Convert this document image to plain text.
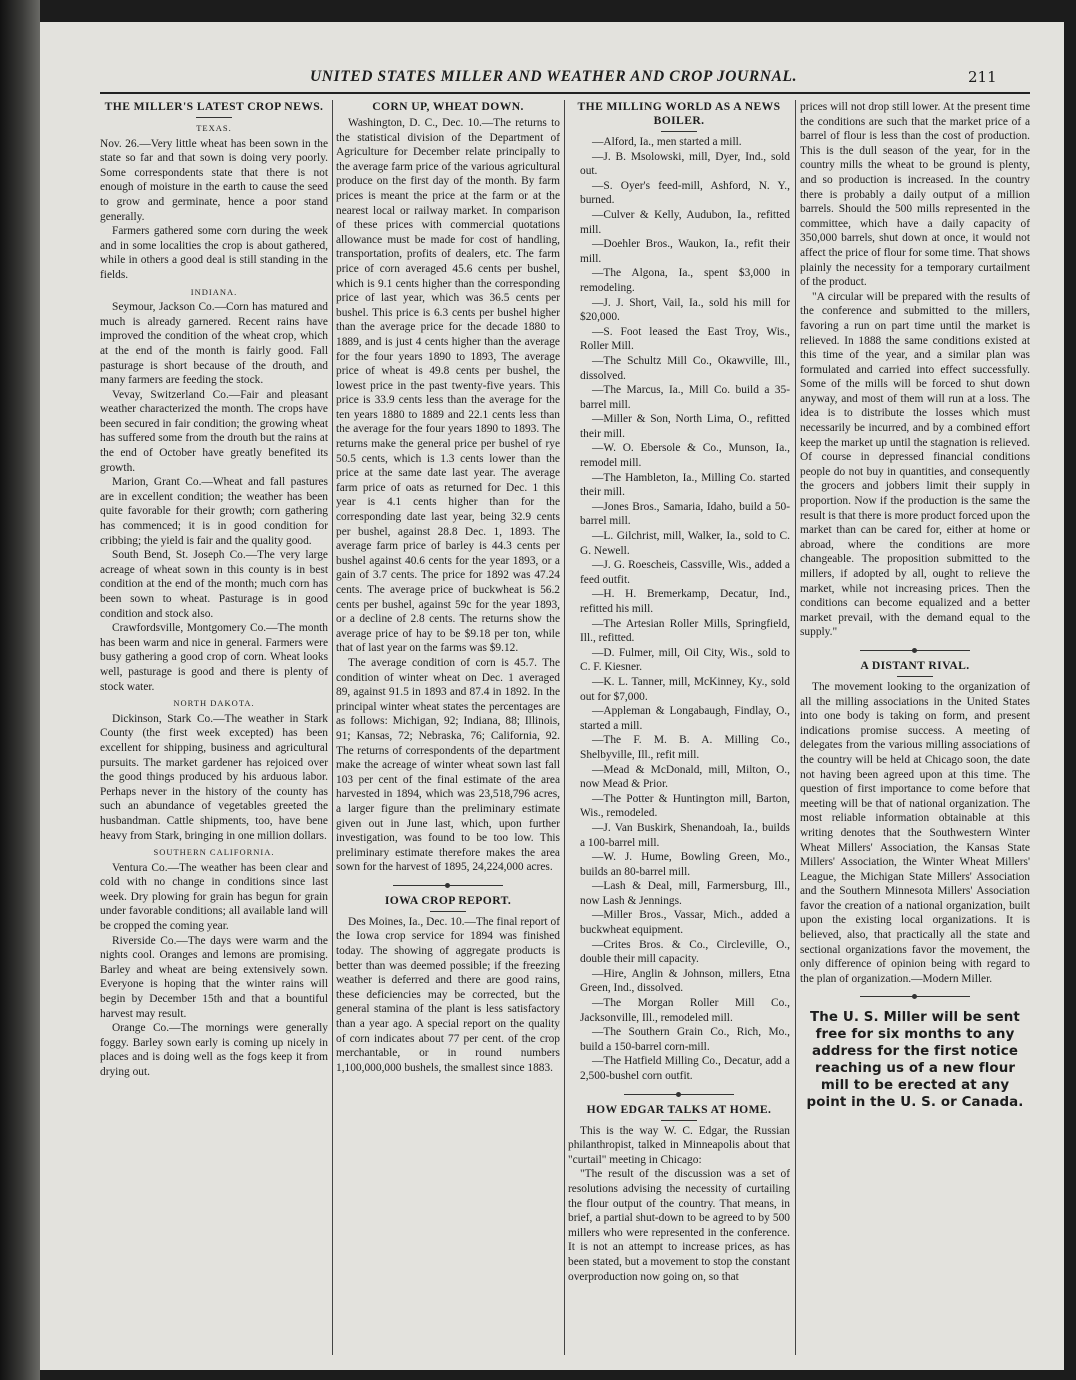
UNITED STATES MILLER AND WEATHER AND CROP JOURNAL.	211
THE MILLER'S LATEST CROP NEWS.
TEXAS.

Nov. 26.—Very little wheat has been sown in the state so far and that sown is doing very poorly. Some correspondents state that there is not enough of moisture in the earth to cause the seed to grow and germinate, hence a poor stand generally.

Farmers gathered some corn during the week and in some localities the crop is about gathered, while in others a good deal is still standing in the fields.

INDIANA.

Seymour, Jackson Co.—Corn has matured and much is already garnered. Recent rains have improved the condition of the wheat crop, which at the end of the month is fairly good. Fall pasturage is short because of the drouth, and many farmers are feeding the stock.

Vevay, Switzerland Co.—Fair and pleasant weather characterized the month. The crops have been secured in fair condition; the growing wheat has suffered some from the drouth but the rains at the end of October have greatly benefited its growth.

Marion, Grant Co.—Wheat and fall pastures are in excellent condition; the weather has been quite favorable for their growth; corn gathering has commenced; it is in good condition for cribbing; the yield is fair and the quality good.

South Bend, St. Joseph Co.—The very large acreage of wheat sown in this county is in best condition at the end of the month; much corn has been sown to wheat. Pasturage is in good condition and stock also.

Crawfordsville, Montgomery Co.—The month has been warm and nice in general. Farmers were busy gathering a good crop of corn. Wheat looks well, pasturage is good and there is plenty of stock water.

NORTH DAKOTA.

Dickinson, Stark Co.—The weather in Stark County (the first week excepted) has been excellent for shipping, business and agricultural pursuits. The market gardener has rejoiced over the good things produced by his arduous labor. Perhaps never in the history of the county has such an abundance of vegetables greeted the husbandman. Cattle shipments, too, have bene heavy from Stark, bringing in one million dollars.

SOUTHERN CALIFORNIA.

Ventura Co.—The weather has been clear and cold with no change in conditions since last week. Dry plowing for grain has begun for grain under favorable conditions; all available land will be cropped the coming year.

Riverside Co.—The days were warm and the nights cool. Oranges and lemons are promising. Barley and wheat are being extensively sown. Everyone is hoping that the winter rains will begin by December 15th and that a bountiful harvest may result.

Orange Co.—The mornings were generally foggy. Barley sown early is coming up nicely in places and is doing well as the fogs keep it from drying out.

CORN UP, WHEAT DOWN.

Washington, D. C., Dec. 10.—The returns to the statistical division of the Department of Agriculture for December relate principally to the average farm price of the various agricultural produce on the first day of the month. By farm prices is meant the price at the farm or at the nearest local or railway market. In comparison of these prices with commercial quotations allowance must be made for cost of handling, transportation, profits of dealers, etc. The farm price of corn averaged 45.6 cents per bushel, which is 9.1 cents higher than the corresponding price of last year, which was 36.5 cents per bushel. This price is 6.3 cents per bushel higher than the average price for the decade 1880 to 1889, and is just 4 cents higher than the average for the four years 1890 to 1893, The average price of wheat is 49.8 cents per bushel, the lowest price in the past twenty-five years. This price is 33.9 cents less than the average for the ten years 1880 to 1889 and 22.1 cents less than the average for the four years 1890 to 1893. The returns make the general price per bushel of rye 50.5 cents, which is 1.3 cents lower than the price at the same date last year. The average farm price of oats as returned for Dec. 1 this year is 4.1 cents higher than for the corresponding date last year, being 32.9 cents per bushel, against 28.8 Dec. 1, 1893. The average farm price of barley is 44.3 cents per bushel against 40.6 cents for the year 1893, or a gain of 3.7 cents. The price for 1892 was 47.24 cents. The average price of buckwheat is 56.2 cents per bushel, against 59c for the year 1893, or a decline of 2.8 cents. The returns show the average price of hay to be $9.18 per ton, while that of last year on the farms was $9.12.

The average condition of corn is 45.7. The condition of winter wheat on Dec. 1 averaged 89, against 91.5 in 1893 and 87.4 in 1892. In the principal winter wheat states the percentages are as follows: Michigan, 92; Indiana, 88; Illinois, 91; Kansas, 72; Nebraska, 76; California, 92. The returns of correspondents of the department make the acreage of winter wheat sown last fall 103 per cent of the final estimate of the area harvested in 1894, which was 23,518,796 acres, a larger figure than the preliminary estimate given out in June last, which, upon further investigation, was found to be too low. This preliminary estimate therefore makes the area sown for the harvest of 1895, 24,224,000 acres.

IOWA CROP REPORT.

Des Moines, Ia., Dec. 10.—The final report of the Iowa crop service for 1894 was finished today. The showing of aggregate products is better than was deemed possible; if the freezing weather is deferred and there are good rains, these deficiencies may be corrected, but the general stamina of the plant is less satisfactory than a year ago. A special report on the quality of corn indicates about 77 per cent. of the crop merchantable, or in round numbers 1,100,000,000 bushels, the smallest since 1883.

THE MILLING WORLD AS A NEWS BOILER.

—Alford, Ia., men started a mill.

—J. B. Msolowski, mill, Dyer, Ind., sold out.

—S. Oyer's feed-mill, Ashford, N. Y., burned.

—Culver & Kelly, Audubon, Ia., refitted mill.

—Doehler Bros., Waukon, Ia., refit their mill.

—The Algona, Ia., spent $3,000 in remodeling.

—J. J. Short, Vail, Ia., sold his mill for $20,000.

—S. Foot leased the East Troy, Wis., Roller Mill.

—The Schultz Mill Co., Okawville, Ill., dissolved.

—The Marcus, Ia., Mill Co. build a 35-barrel mill.

—Miller & Son, North Lima, O., refitted their mill.

—W. O. Ebersole & Co., Munson, Ia., remodel mill.

—The Hambleton, Ia., Milling Co. started their mill.

—Jones Bros., Samaria, Idaho, build a 50-barrel mill.

—L. Gilchrist, mill, Walker, Ia., sold to C. G. Newell.

—J. G. Roescheis, Cassville, Wis., added a feed outfit.

—H. H. Bremerkamp, Decatur, Ind., refitted his mill.

—The Artesian Roller Mills, Springfield, Ill., refitted.

—D. Fulmer, mill, Oil City, Wis., sold to C. F. Kiesner.

—K. L. Tanner, mill, McKinney, Ky., sold out for $7,000.

—Appleman & Longabaugh, Findlay, O., started a mill.

—The F. M. B. A. Milling Co., Shelbyville, Ill., refit mill.

—Mead & McDonald, mill, Milton, O., now Mead & Prior.

—The Potter & Huntington mill, Barton, Wis., remodeled.

—J. Van Buskirk, Shenandoah, Ia., builds a 100-barrel mill.

—W. J. Hume, Bowling Green, Mo., builds an 80-barrel mill.

—Lash & Deal, mill, Farmersburg, Ill., now Lash & Jennings.

—Miller Bros., Vassar, Mich., added a buckwheat equipment.

—Crites Bros. & Co., Circleville, O., double their mill capacity.

—Hire, Anglin & Johnson, millers, Etna Green, Ind., dissolved.

—The Morgan Roller Mill Co., Jacksonville, Ill., remodeled mill.

—The Southern Grain Co., Rich, Mo., build a 150-barrel corn-mill.

—The Hatfield Milling Co., Decatur, add a 2,500-bushel corn outfit.

HOW EDGAR TALKS AT HOME.

This is the way W. C. Edgar, the Russian philanthropist, talked in Minneapolis about that "curtail" meeting in Chicago:

"The result of the discussion was a set of resolutions advising the necessity of curtailing the flour output of the country. That means, in brief, a partial shut-down to be agreed to by 500 millers who were represented in the conference. It is not an attempt to increase prices, as has been stated, but a movement to stop the constant overproduction now going on, so that

prices will not drop still lower. At the present time the conditions are such that the market price of a barrel of flour is less than the cost of production. This is the dull season of the year, for in the country mills the wheat to be ground is plenty, and so production is increased. In the country there is probably a daily output of a million barrels. Should the 500 mills represented in the committee, which have a daily capacity of 350,000 barrels, shut down at once, it would not affect the price of flour for some time. That shows plainly the necessity for a temporary curtailment of the product.

"A circular will be prepared with the results of the conference and submitted to the millers, favoring a run on part time until the market is relieved. In 1888 the same conditions existed at this time of the year, and a similar plan was formulated and carried into effect successfully. Some of the mills will be forced to shut down anyway, and most of them will run at a loss. The idea is to distribute the losses which must necessarily be incurred, and by a combined effort keep the market up until the stagnation is relieved. Of course in depressed financial conditions people do not buy in quantities, and consequently the grocers and jobbers limit their supply in proportion. Now if the production is the same the result is that there is more product forced upon the market than can be cared for, either at home or abroad, where the conditions are more changeable. The proposition submitted to the millers, if adopted by all, ought to relieve the market, while not increasing prices. Then the conditions can become equalized and a better market prevail, with the demand equal to the supply."

A DISTANT RIVAL.

The movement looking to the organization of all the milling associations in the United States into one body is taking on form, and present indications promise success. A meeting of delegates from the various milling associations of the country will be held at Chicago soon, the date not having been agreed upon at this time. The question of first importance to come before that meeting will be that of national organization. The most reliable information obtainable at this writing denotes that the Southwestern Winter Wheat Millers' Association, the Kansas State Millers' Association, the Winter Wheat Millers' League, the Michigan State Millers' Association and the Southern Minnesota Millers' Association favor the creation of a national organization, built upon the existing local organizations. It is believed, also, that practically all the state and sectional organizations favor the movement, the only difference of opinion being with regard to the plan of organization.—Modern Miller.

The U. S. Miller will be sent free for six months to any address for the first notice reaching us of a new flour mill to be erected at any point in the U. S. or Canada.
